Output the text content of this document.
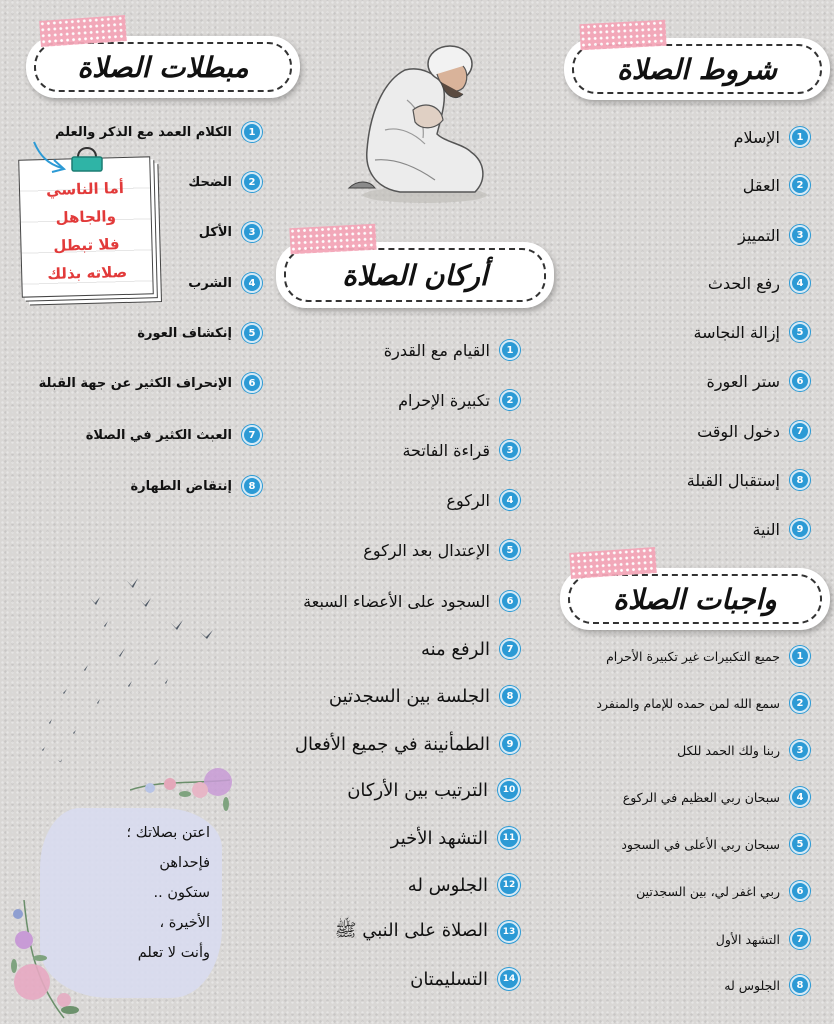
شروط الصلاة
مبطلات الصلاة
أركان الصلاة
واجبات الصلاة
1
الإسلام
2
العقل
3
التمييز
4
رفع الحدث
5
إزالة النجاسة
6
ستر العورة
7
دخول الوقت
8
إستقبال القبلة
9
النية
1
الكلام العمد مع الذكر والعلم
2
الضحك
3
الأكل
4
الشرب
5
إنكشاف العورة
6
الإنحراف الكثير عن جهة القبلة
7
العبث الكثير في الصلاة
8
إنتقاض الطهارة
أما الناسي
والجاهل
فلا تبطل
صلاته بذلك
1
القيام مع القدرة
2
تكبيرة الإحرام
3
قراءة الفاتحة
4
الركوع
5
الإعتدال بعد الركوع
6
السجود على الأعضاء السبعة
7
الرفع منه
8
الجلسة بين السجدتين
9
الطمأنينة في جميع الأفعال
10
الترتيب بين الأركان
11
التشهد الأخير
12
الجلوس له
13
الصلاة على النبي ﷺ
14
التسليمتان
1
جميع التكبيرات غير تكبيرة الأحرام
2
سمع الله لمن حمده للإمام والمنفرد
3
ربنا ولك الحمد للكل
4
سبحان ربي العظيم في الركوع
5
سبحان ربي الأعلى في السجود
6
ربي اغفر لي، بين السجدتين
7
التشهد الأول
8
الجلوس له
اعتن بصلاتك ؛
فإحداهن
ستكون ..
الأخيرة ،
وأنت لا تعلم
